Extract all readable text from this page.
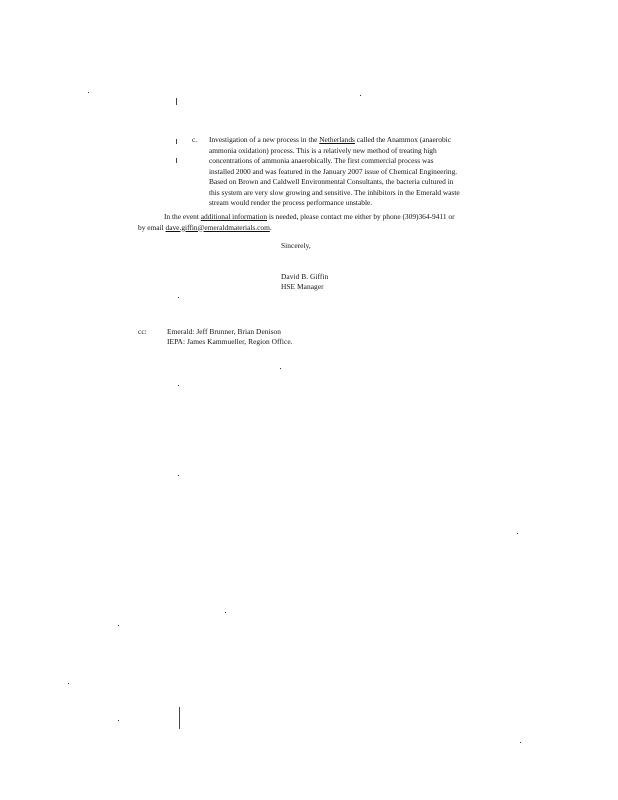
c. Investigation of a new process in the Netherlands called the Anammox (anaerobic
ammonia oxidation) process. This is a relatively new method of treating high
concentrations of ammonia anaerobically. The first commercial process was
installed 2000 and was featured in the January 2007 issue of Chemical Engineering.
Based on Brown and Caldwell Environmental Consultants, the bacteria cultured in
this system are very slow growing and sensitive. The inhibitors in the Emerald waste
stream would render the process performance unstable.
In the event additional information is needed, please contact me either by phone (309)364-9411 or
by email dave.giffin@emeraldmaterials.com.
Sincerely,
David B. Giffin
HSE Manager
cc:	Emerald: Jeff Brunner, Brian Denison
IEPA: James Kammueller, Region Office.
